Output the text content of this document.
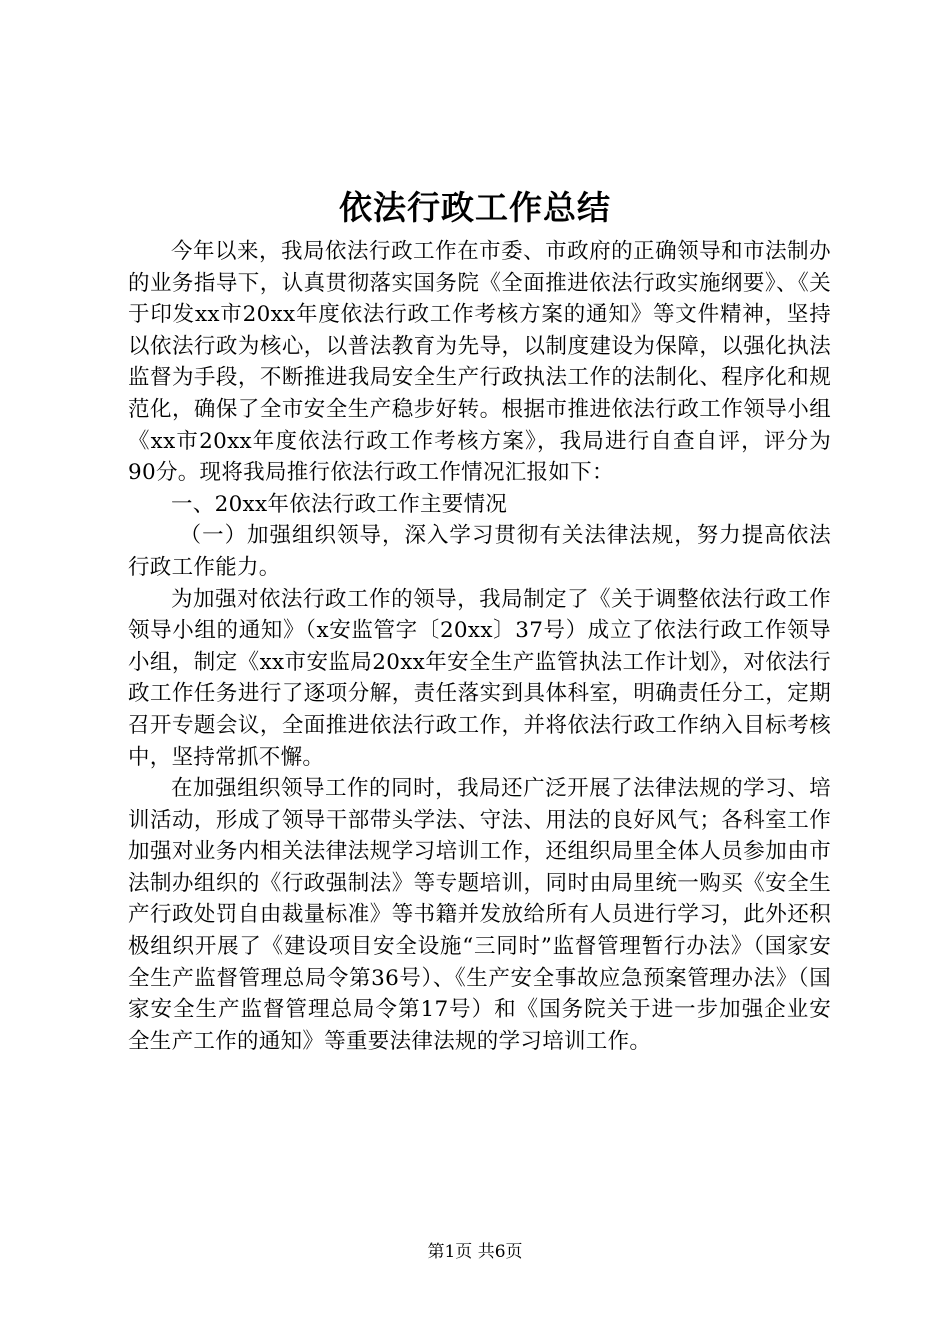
依法行政工作总结

今年以来，我局依法行政工作在市委、市政府的正确领导和市法制办的业务指导下，认真贯彻落实国务院《全面推进依法行政实施纲要》、《关于印发xx市20xx年度依法行政工作考核方案的通知》等文件精神，坚持以依法行政为核心，以普法教育为先导，以制度建设为保障，以强化执法监督为手段，不断推进我局安全生产行政执法工作的法制化、程序化和规范化，确保了全市安全生产稳步好转。根据市推进依法行政工作领导小组《xx市20xx年度依法行政工作考核方案》，我局进行自查自评，评分为90分。现将我局推行依法行政工作情况汇报如下：

一、20xx年依法行政工作主要情况

（一）加强组织领导，深入学习贯彻有关法律法规，努力提高依法行政工作能力。

为加强对依法行政工作的领导，我局制定了《关于调整依法行政工作领导小组的通知》（x安监管字〔20xx〕37号）成立了依法行政工作领导小组，制定《xx市安监局20xx年安全生产监管执法工作计划》，对依法行政工作任务进行了逐项分解，责任落实到具体科室，明确责任分工，定期召开专题会议，全面推进依法行政工作，并将依法行政工作纳入目标考核中，坚持常抓不懈。

在加强组织领导工作的同时，我局还广泛开展了法律法规的学习、培训活动，形成了领导干部带头学法、守法、用法的良好风气；各科室工作加强对业务内相关法律法规学习培训工作，还组织局里全体人员参加由市法制办组织的《行政强制法》等专题培训，同时由局里统一购买《安全生产行政处罚自由裁量标准》等书籍并发放给所有人员进行学习，此外还积极组织开展了《建设项目安全设施“三同时”监督管理暂行办法》（国家安全生产监督管理总局令第36号）、《生产安全事故应急预案管理办法》（国家安全生产监督管理总局令第17号）和《国务院关于进一步加强企业安全生产工作的通知》等重要法律法规的学习培训工作。

第1页 共6页
